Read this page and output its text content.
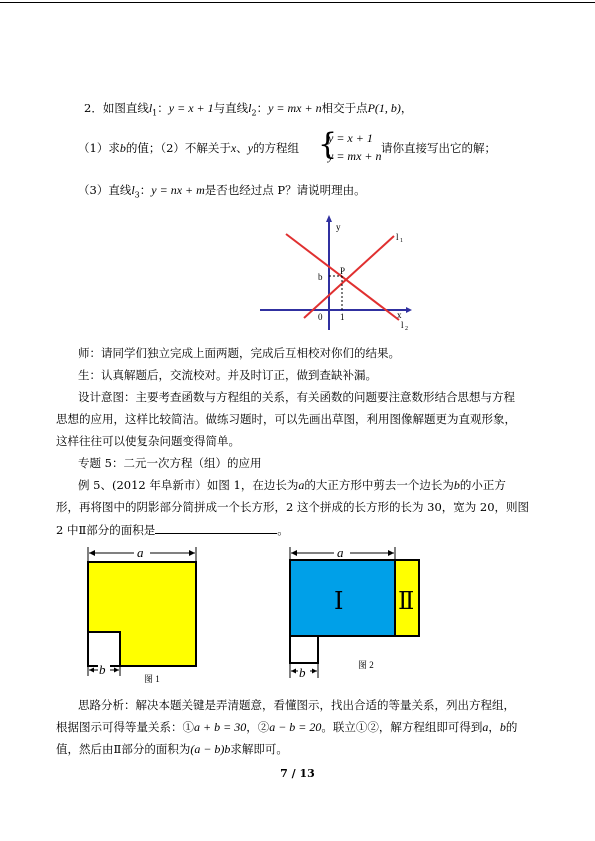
2．如图直线$l_1$：y = x + 1与直线$l_2$：y = mx + n相交于点P(1, b)，
（1）求b的值；（2）不解关于x、y的方程组 {
y = x + 1
y = mx + n
请你直接写出它的解；
（3）直线$l_3$：y = nx + m是否也经过点 P？请说明理由。
y
x
0
b
P
1
l 1
l 2
师：请同学们独立完成上面两题，完成后互相校对你们的结果。
生：认真解题后，交流校对。并及时订正，做到查缺补漏。
设计意图：主要考查函数与方程组的关系，有关函数的问题要注意数形结合思想与方程
思想的应用，这样比较简洁。做练习题时，可以先画出草图，利用图像解题更为直观形象，
这样往往可以使复杂问题变得简单。
专题 5：二元一次方程（组）的应用
例 5、(2012 年阜新市）如图 1，在边长为a的大正方形中剪去一个边长为b的小正方
形，再将图中的阴影部分简拼成一个长方形，2 这个拼成的长方形的长为 30，宽为 20，则图
2 中Ⅱ部分的面积是	。
a
b
图 1
a
Ⅰ Ⅱ
b	图 2
思路分析：解决本题关键是弄清题意，看懂图示，找出合适的等量关系，列出方程组，
根据图示可得等量关系：①a + b = 30，②a − b = 20。联立①②，解方程组即可得到a，b的
值，然后由Ⅱ部分的面积为(a − b)b求解即可。
7 / 13
